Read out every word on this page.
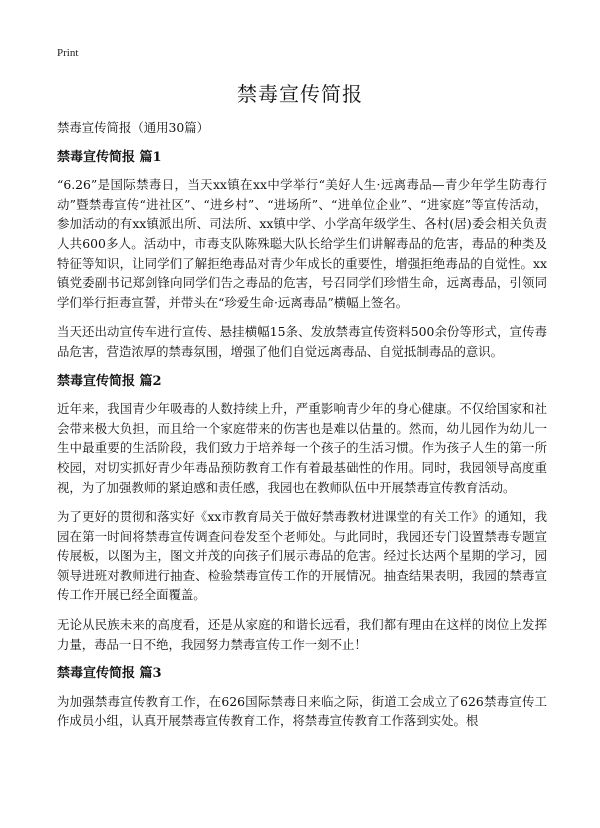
Print
禁毒宣传简报

禁毒宣传简报（通用30篇）

禁毒宣传简报 篇1

“6.26”是国际禁毒日，当天xx镇在xx中学举行“美好人生·远离毒品—青少年学生防毒行动”暨禁毒宣传“进社区”、“进乡村”、“进场所”、“进单位企业”、“进家庭”等宣传活动，参加活动的有xx镇派出所、司法所、xx镇中学、小学高年级学生、各村(居)委会相关负责人共600多人。活动中，市毒支队陈殊聪大队长给学生们讲解毒品的危害，毒品的种类及特征等知识，让同学们了解拒绝毒品对青少年成长的重要性，增强拒绝毒品的自觉性。xx镇党委副书记郑剑锋向同学们告之毒品的危害，号召同学们珍惜生命，远离毒品，引领同学们举行拒毒宣誓，并带头在“珍爱生命·远离毒品”横幅上签名。

当天还出动宣传车进行宣传、悬挂横幅15条、发放禁毒宣传资料500余份等形式，宣传毒品危害，营造浓厚的禁毒氛围，增强了他们自觉远离毒品、自觉抵制毒品的意识。

禁毒宣传简报 篇2

近年来，我国青少年吸毒的人数持续上升，严重影响青少年的身心健康。不仅给国家和社会带来极大负担，而且给一个家庭带来的伤害也是难以估量的。然而，幼儿园作为幼儿一生中最重要的生活阶段，我们致力于培养每一个孩子的生活习惯。作为孩子人生的第一所校园，对切实抓好青少年毒品预防教育工作有着最基础性的作用。同时，我园领导高度重视，为了加强教师的紧迫感和责任感，我园也在教师队伍中开展禁毒宣传教育活动。

为了更好的贯彻和落实好《xx市教育局关于做好禁毒教材进课堂的有关工作》的通知，我园在第一时间将禁毒宣传调查问卷发至个老师处。与此同时，我园还专门设置禁毒专题宣传展板，以图为主，图文并茂的向孩子们展示毒品的危害。经过长达两个星期的学习，园领导进班对教师进行抽查、检验禁毒宣传工作的开展情况。抽查结果表明，我园的禁毒宣传工作开展已经全面覆盖。

无论从民族未来的高度看，还是从家庭的和谐长远看，我们都有理由在这样的岗位上发挥力量，毒品一日不绝，我园努力禁毒宣传工作一刻不止！

禁毒宣传简报 篇3

为加强禁毒宣传教育工作，在626国际禁毒日来临之际，街道工会成立了626禁毒宣传工作成员小组，认真开展禁毒宣传教育工作，将禁毒宣传教育工作落到实处。根
